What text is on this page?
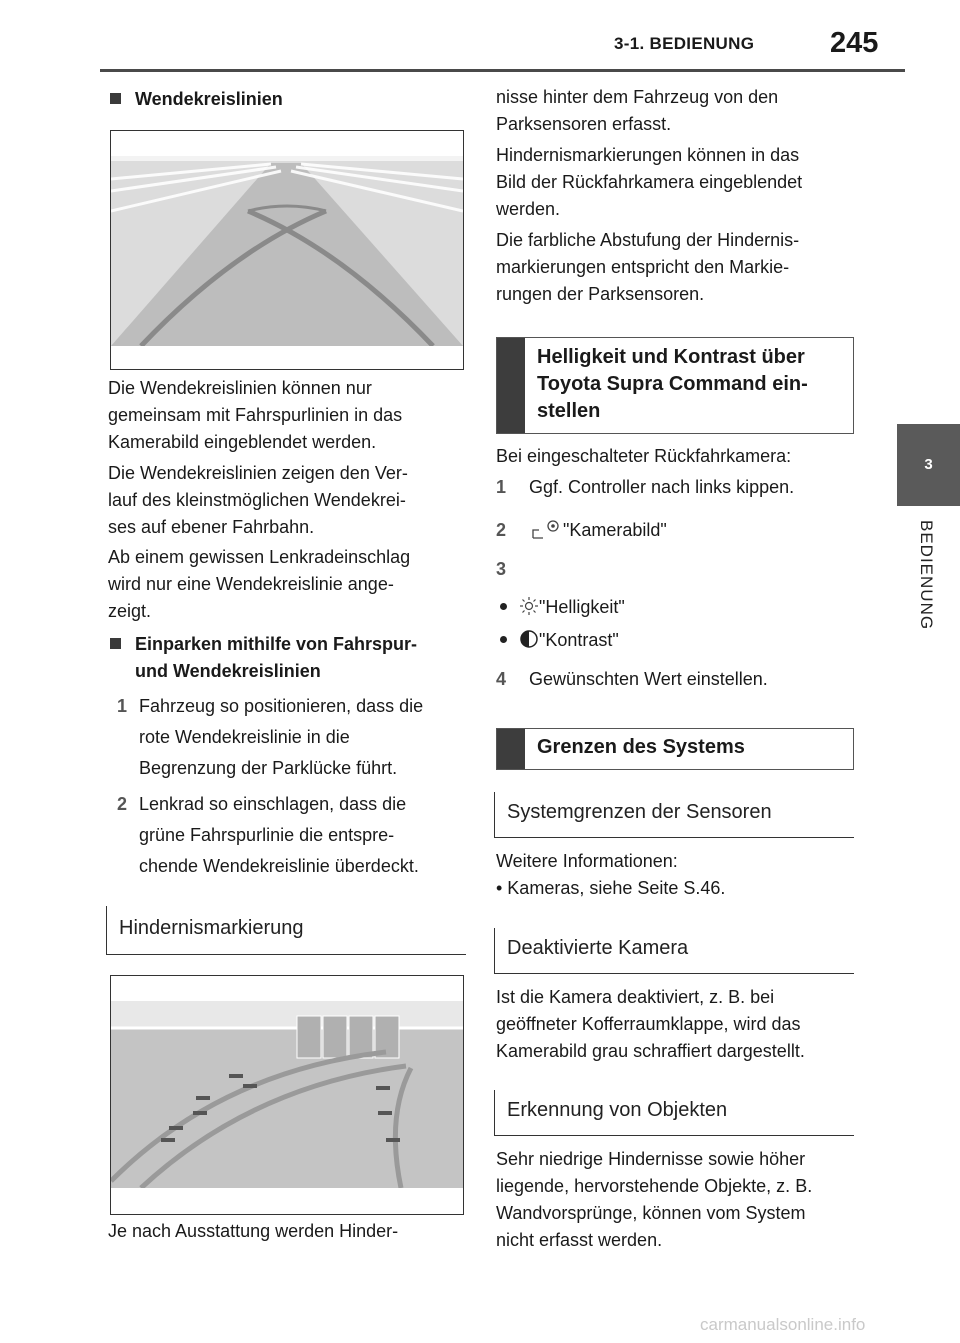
3-1. BEDIENUNG	245
3
BEDIENUNG
Wendekreislinien

Die Wendekreislinien können nur

gemeinsam mit Fahrspurlinien in das

Kamerabild eingeblendet werden.

Die Wendekreislinien zeigen den Ver-

lauf des kleinstmöglichen Wendekrei-

ses auf ebener Fahrbahn.

Ab einem gewissen Lenkradeinschlag

wird nur eine Wendekreislinie ange-

zeigt.

Einparken mithilfe von Fahrspur-
und Wendekreislinien
1 Fahrzeug so positionieren, dass die
rote Wendekreislinie in die
Begrenzung der Parklücke führt.
2 Lenkrad so einschlagen, dass die
grüne Fahrspurlinie die entspre-
chende Wendekreislinie überdeckt.
Hindernismarkierung
Je nach Ausstattung werden Hinder-

nisse hinter dem Fahrzeug von den

Parksensoren erfasst.

Hindernismarkierungen können in das

Bild der Rückfahrkamera eingeblendet

werden.

Die farbliche Abstufung der Hindernis-

markierungen entspricht den Markie-

rungen der Parksensoren.

Helligkeit und Kontrast über
Toyota Supra Command ein-
stellen
Bei eingeschalteter Rückfahrkamera:
1 Ggf. Controller nach links kippen.
2	"Kamerabild"
3
"Helligkeit"
"Kontrast"
4 Gewünschten Wert einstellen.
Grenzen des Systems
Systemgrenzen der Sensoren
Weitere Informationen:
• Kameras, siehe Seite S.46.
Deaktivierte Kamera

Ist die Kamera deaktiviert, z. B. bei

geöffneter Kofferraumklappe, wird das

Kamerabild grau schraffiert dargestellt.

Erkennung von Objekten

Sehr niedrige Hindernisse sowie höher

liegende, hervorstehende Objekte, z. B.

Wandvorsprünge, können vom System

nicht erfasst werden.

carmanualsonline.info
